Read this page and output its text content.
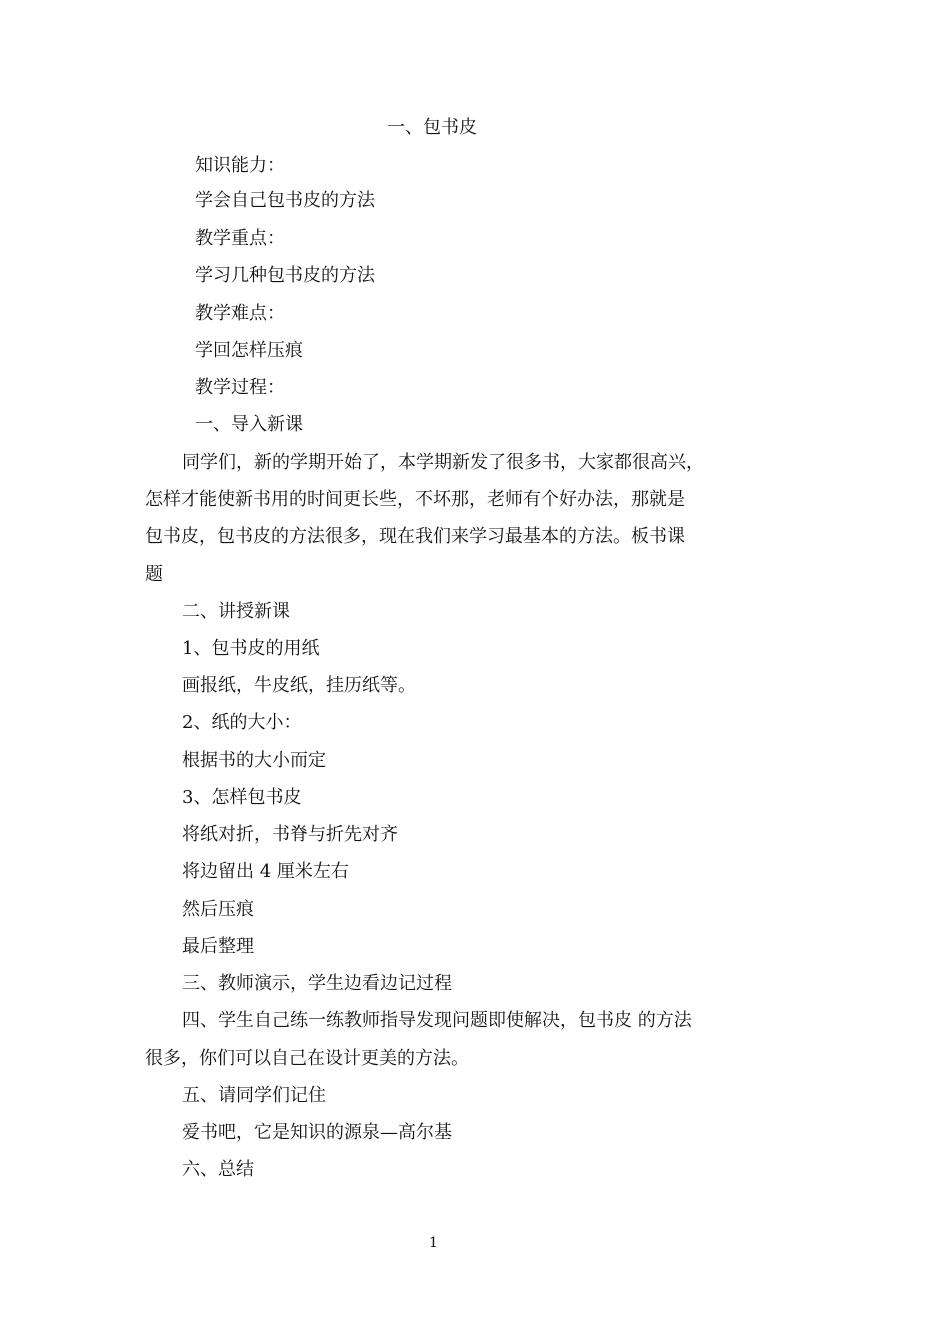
一、包书皮
知识能力：
学会自己包书皮的方法
教学重点：
学习几种包书皮的方法
教学难点：
学回怎样压痕
教学过程：
一、导入新课
同学们，新的学期开始了，本学期新发了很多书，大家都很高兴，
怎样才能使新书用的时间更长些，不坏那，老师有个好办法，那就是
包书皮，包书皮的方法很多，现在我们来学习最基本的方法。板书课
题
二、讲授新课
1、包书皮的用纸
画报纸，牛皮纸，挂历纸等。
2、纸的大小：
根据书的大小而定
3、怎样包书皮
将纸对折，书脊与折先对齐
将边留出 4 厘米左右
然后压痕
最后整理
三、教师演示，学生边看边记过程
四、学生自己练一练教师指导发现问题即使解决，包书皮 的方法
很多，你们可以自己在设计更美的方法。
五、请同学们记住
爱书吧，它是知识的源泉—高尔基
六、总结
1
